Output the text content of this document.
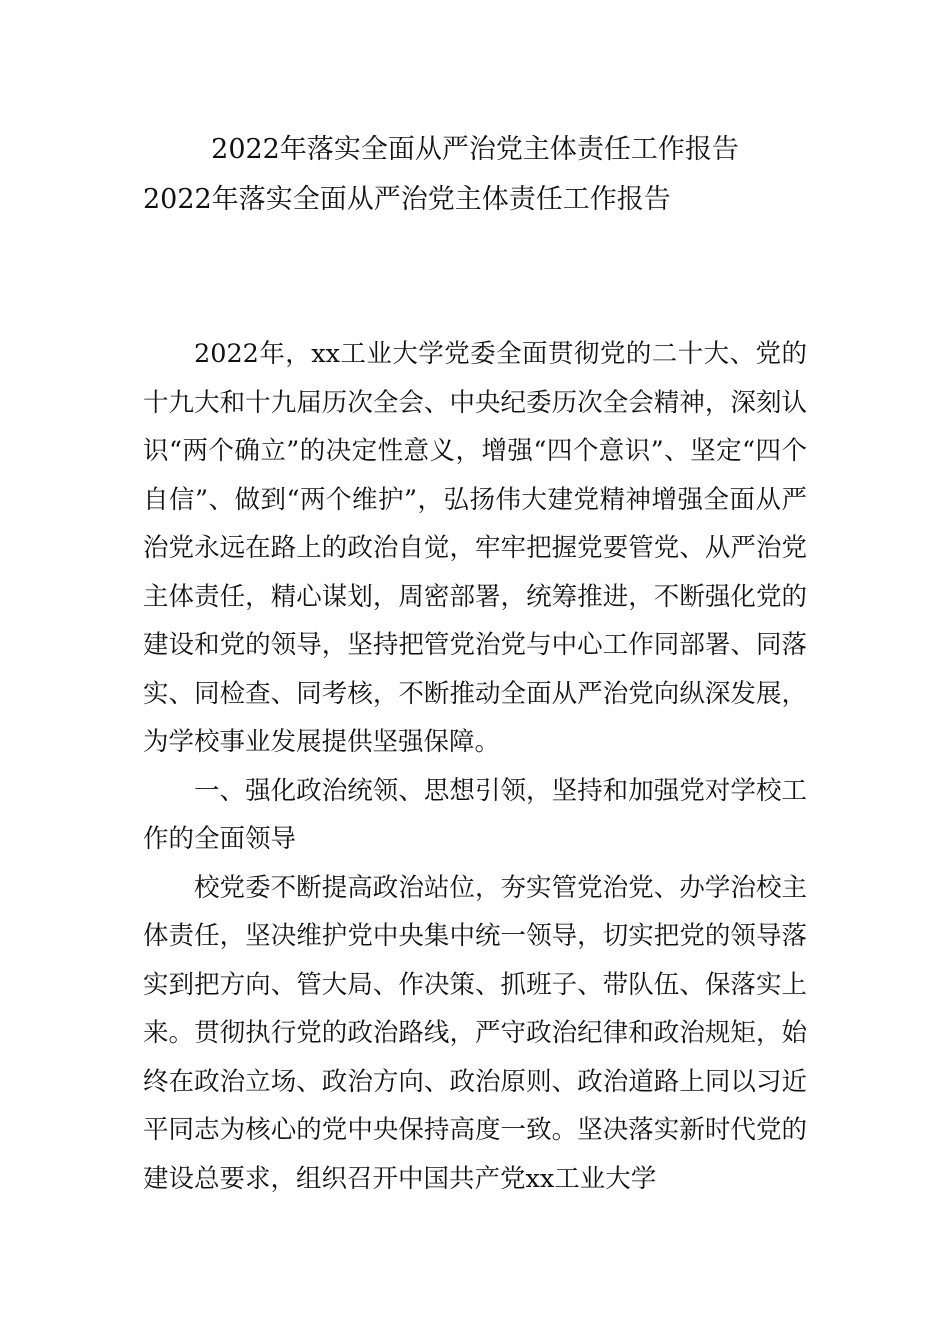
2022年落实全面从严治党主体责任工作报告
2022年落实全面从严治党主体责任工作报告

2022年，xx工业大学党委全面贯彻党的二十大、党的十九大和十九届历次全会、中央纪委历次全会精神，深刻认识“两个确立”的决定性意义，增强“四个意识”、坚定“四个自信”、做到“两个维护”，弘扬伟大建党精神增强全面从严治党永远在路上的政治自觉，牢牢把握党要管党、从严治党主体责任，精心谋划，周密部署，统筹推进，不断强化党的建设和党的领导，坚持把管党治党与中心工作同部署、同落实、同检查、同考核，不断推动全面从严治党向纵深发展，为学校事业发展提供坚强保障。

一、强化政治统领、思想引领，坚持和加强党对学校工作的全面领导

校党委不断提高政治站位，夯实管党治党、办学治校主体责任，坚决维护党中央集中统一领导，切实把党的领导落实到把方向、管大局、作决策、抓班子、带队伍、保落实上来。贯彻执行党的政治路线，严守政治纪律和政治规矩，始终在政治立场、政治方向、政治原则、政治道路上同以习近平同志为核心的党中央保持高度一致。坚决落实新时代党的建设总要求，组织召开中国共产党xx工业大学
